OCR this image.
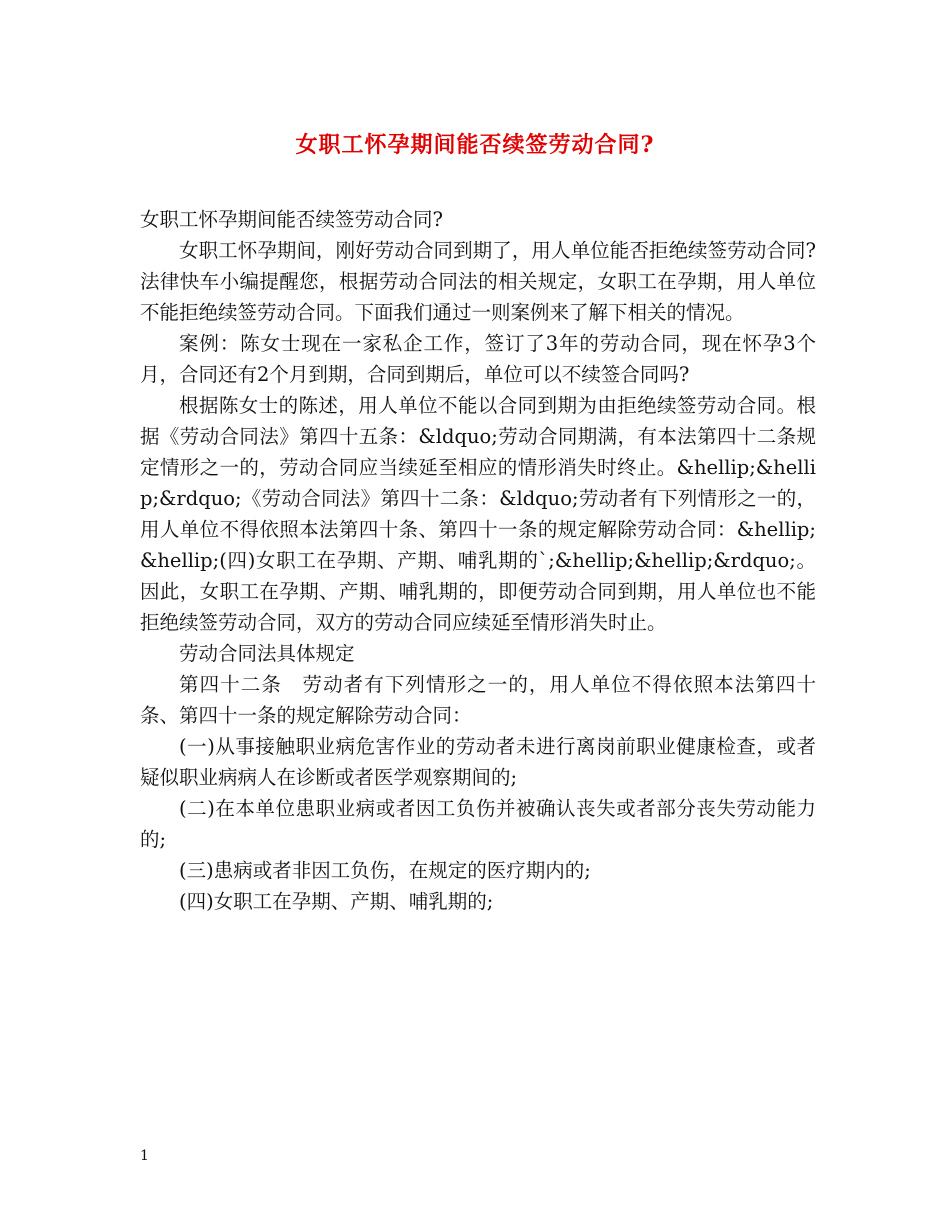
女职工怀孕期间能否续签劳动合同?

女职工怀孕期间能否续签劳动合同?

女职工怀孕期间，刚好劳动合同到期了，用人单位能否拒绝续签劳动合同?法律快车小编提醒您，根据劳动合同法的相关规定，女职工在孕期，用人单位不能拒绝续签劳动合同。下面我们通过一则案例来了解下相关的情况。

案例：陈女士现在一家私企工作，签订了3年的劳动合同，现在怀孕3个月，合同还有2个月到期，合同到期后，单位可以不续签合同吗?

根据陈女士的陈述，用人单位不能以合同到期为由拒绝续签劳动合同。根据《劳动合同法》第四十五条：&ldquo;劳动合同期满，有本法第四十二条规定情形之一的，劳动合同应当续延至相应的情形消失时终止。&hellip;&hellip;&rdquo;《劳动合同法》第四十二条：&ldquo;劳动者有下列情形之一的，用人单位不得依照本法第四十条、第四十一条的规定解除劳动合同：&hellip;&hellip;(四)女职工在孕期、产期、哺乳期的`;&hellip;&hellip;&rdquo;。因此，女职工在孕期、产期、哺乳期的，即便劳动合同到期，用人单位也不能拒绝续签劳动合同，双方的劳动合同应续延至情形消失时止。

劳动合同法具体规定

第四十二条　劳动者有下列情形之一的，用人单位不得依照本法第四十条、第四十一条的规定解除劳动合同：

(一)从事接触职业病危害作业的劳动者未进行离岗前职业健康检查，或者疑似职业病病人在诊断或者医学观察期间的;

(二)在本单位患职业病或者因工负伤并被确认丧失或者部分丧失劳动能力的;

(三)患病或者非因工负伤，在规定的医疗期内的;

(四)女职工在孕期、产期、哺乳期的;

1
